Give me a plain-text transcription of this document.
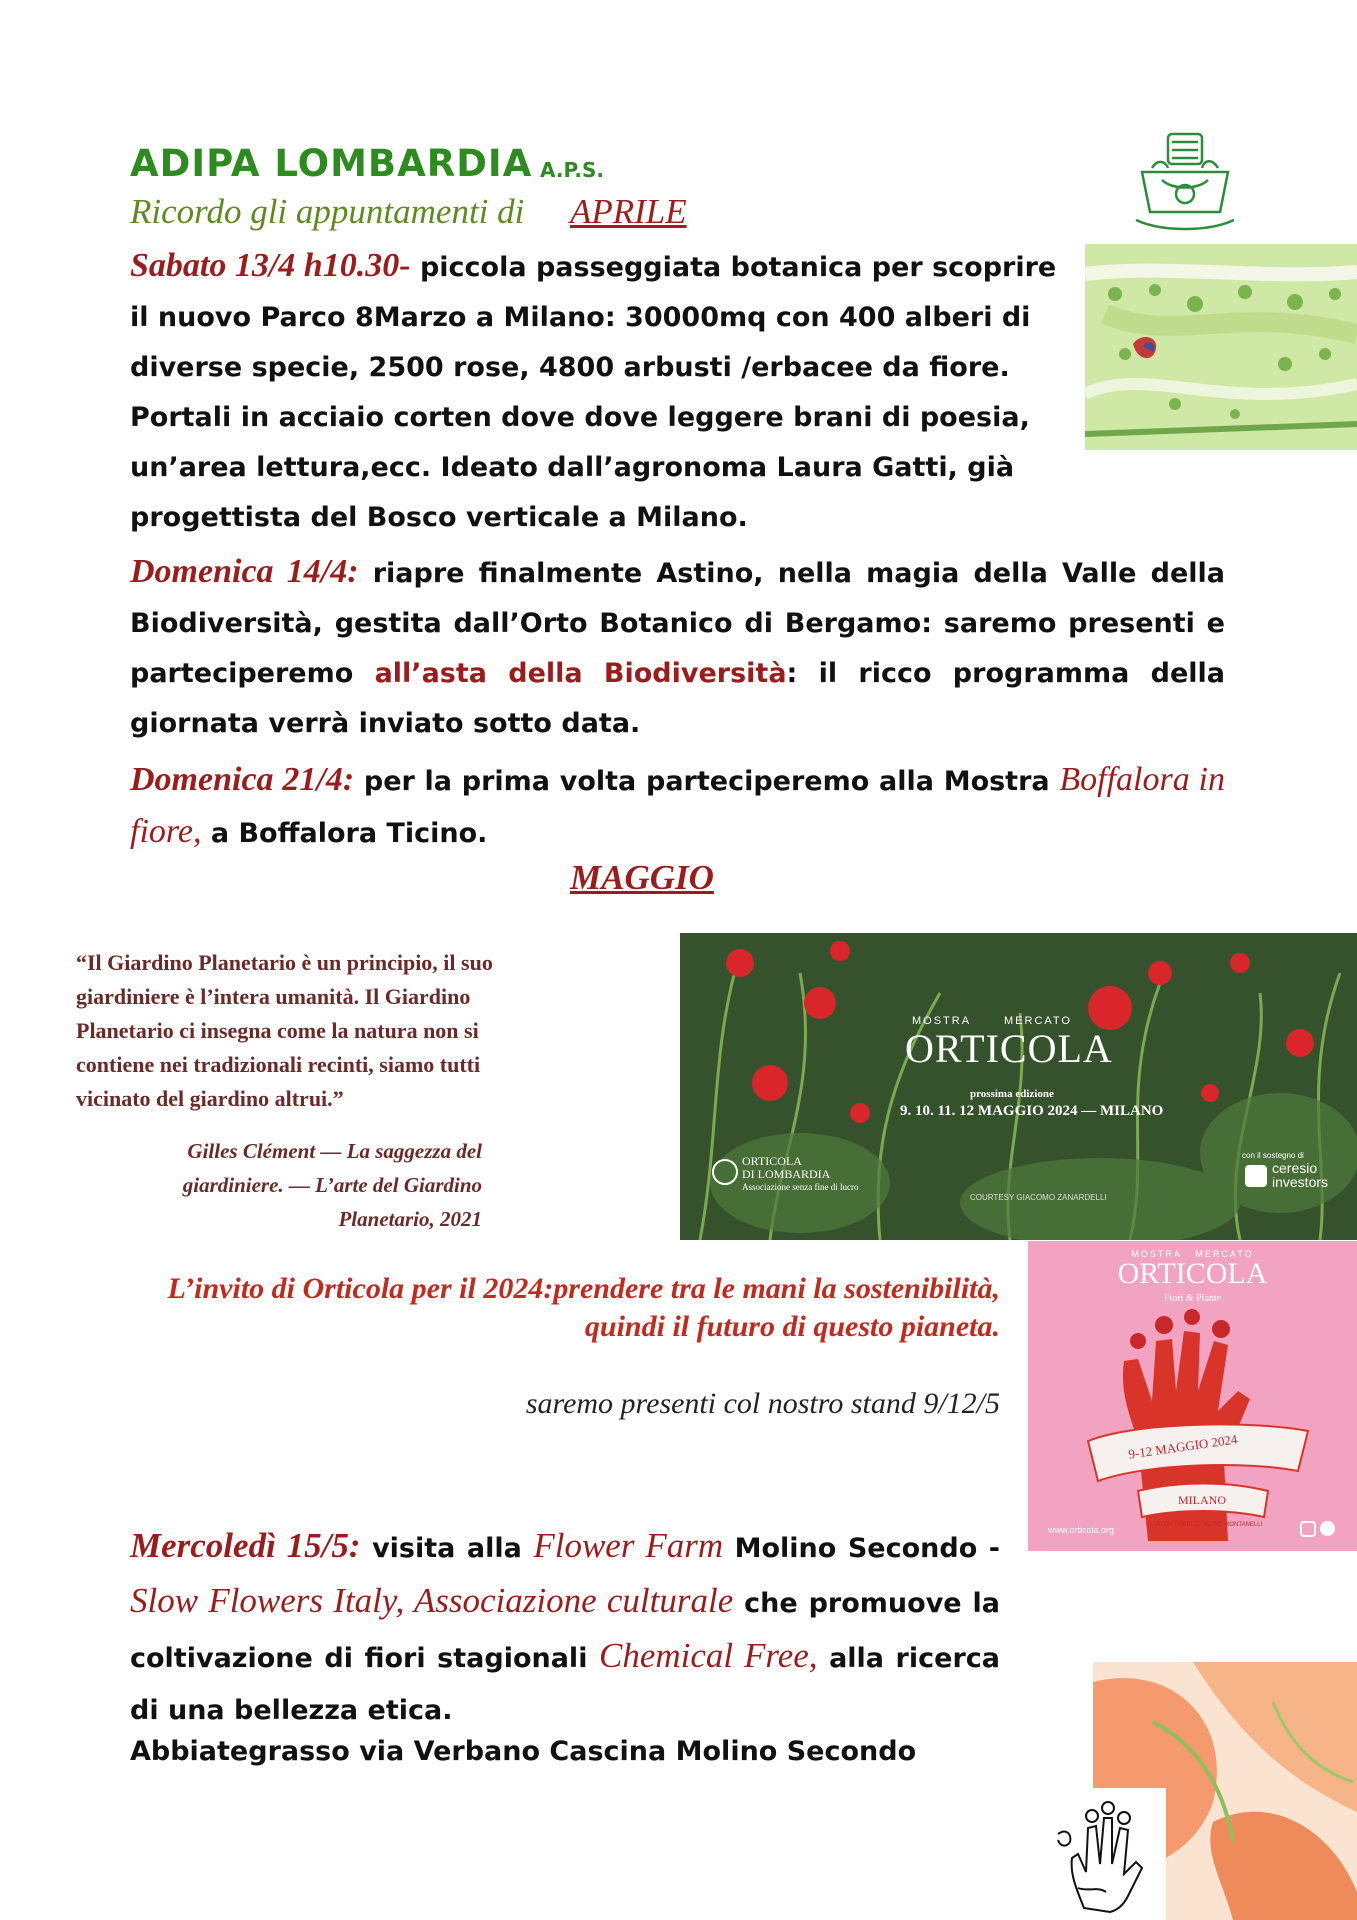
ADIPA LOMBARDIA A.P.S.
Ricordo gli appuntamenti di APRILE
Sabato 13/4 h10.30- piccola passeggiata botanica per scoprire il nuovo Parco 8Marzo a Milano: 30000mq con 400 alberi di diverse specie, 2500 rose, 4800 arbusti /erbacee da fiore. Portali in acciaio corten dove dove leggere brani di poesia, un’area lettura,ecc. Ideato dall’agronoma Laura Gatti, già progettista del Bosco verticale a Milano.
Domenica 14/4: riapre finalmente Astino, nella magia della Valle della Biodiversità, gestita dall’Orto Botanico di Bergamo: saremo presenti e parteciperemo all’asta della Biodiversità: il ricco programma della giornata verrà inviato sotto data.
Domenica 21/4: per la prima volta parteciperemo alla Mostra Boffalora in fiore, a Boffalora Ticino.
MAGGIO
“Il Giardino Planetario è un principio, il suo giardiniere è l’intera umanità. Il Giardino Planetario ci insegna come la natura non si contiene nei tradizionali recinti, siamo tutti vicinato del giardino altrui.”
Gilles Clément — La saggezza del giardiniere. — L’arte del Giardino Planetario, 2021
MOSTRA	MERCATO
ORTICOLA
prossima edizione
9. 10. 11. 12 MAGGIO 2024 — MILANO
ORTICOLA
DI LOMBARDIA
Associazione senza fine di lucro
COURTESY GIACOMO ZANARDELLI
con il sostegno di
ceresio
investors
L’invito di Orticola per il 2024:prendere tra le mani la sostenibilità, quindi il futuro di questo pianeta.
saremo presenti col nostro stand 9/12/5
MOSTRA · MERCATO
ORTICOLA
Fiori & Piante
9-12 MAGGIO 2024
MILANO
GIARDINI PUBBLICI INDRO MONTANELLI
www.orticola.org
Mercoledì 15/5: visita alla Flower Farm Molino Secondo - Slow Flowers Italy, Associazione culturale che promuove la coltivazione di fiori stagionali Chemical Free, alla ricerca di una bellezza etica.
Abbiategrasso via Verbano Cascina Molino Secondo
